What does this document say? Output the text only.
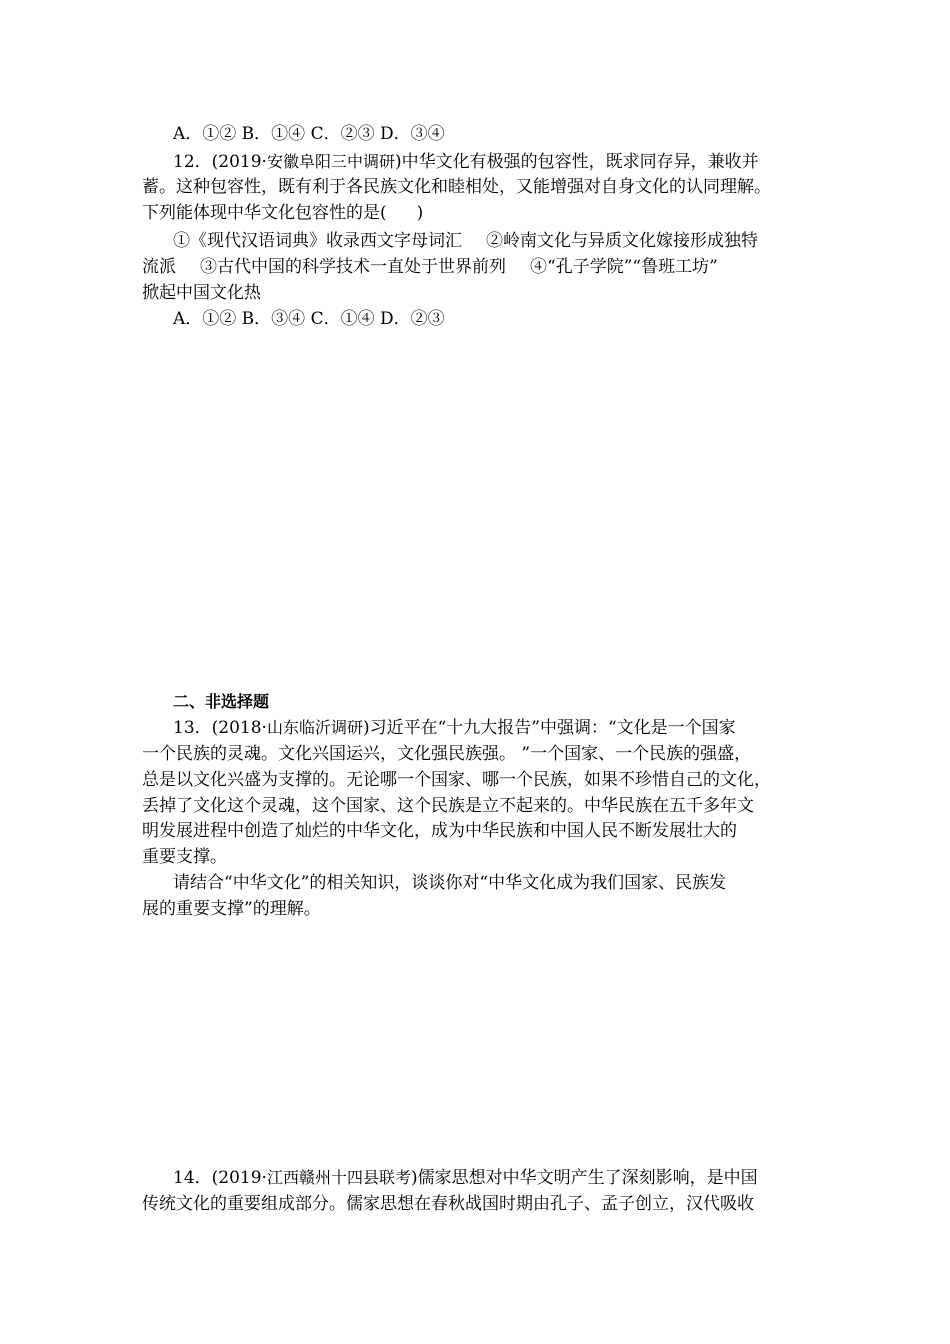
A．①② B．①④ C．②③ D．③④
12．(2019·安徽阜阳三中调研)中华文化有极强的包容性，既求同存异，兼收并
蓄。这种包容性，既有利于各民族文化和睦相处，又能增强对自身文化的认同理解。
下列能体现中华文化包容性的是( )
①《现代汉语词典》收录西文字母词汇 ②岭南文化与异质文化嫁接形成独特
流派 ③古代中国的科学技术一直处于世界前列 ④“孔子学院”“鲁班工坊”
掀起中国文化热
A．①② B．③④ C．①④ D．②③
二、非选择题
13．(2018·山东临沂调研)习近平在“十九大报告”中强调：“文化是一个国家
一个民族的灵魂。文化兴国运兴，文化强民族强。 ”一个国家、一个民族的强盛，
总是以文化兴盛为支撑的。无论哪一个国家、哪一个民族，如果不珍惜自己的文化，
丢掉了文化这个灵魂，这个国家、这个民族是立不起来的。中华民族在五千多年文
明发展进程中创造了灿烂的中华文化，成为中华民族和中国人民不断发展壮大的
重要支撑。
请结合“中华文化”的相关知识，谈谈你对“中华文化成为我们国家、民族发
展的重要支撑”的理解。
14．(2019·江西赣州十四县联考)儒家思想对中华文明产生了深刻影响，是中国
传统文化的重要组成部分。儒家思想在春秋战国时期由孔子、孟子创立，汉代吸收
